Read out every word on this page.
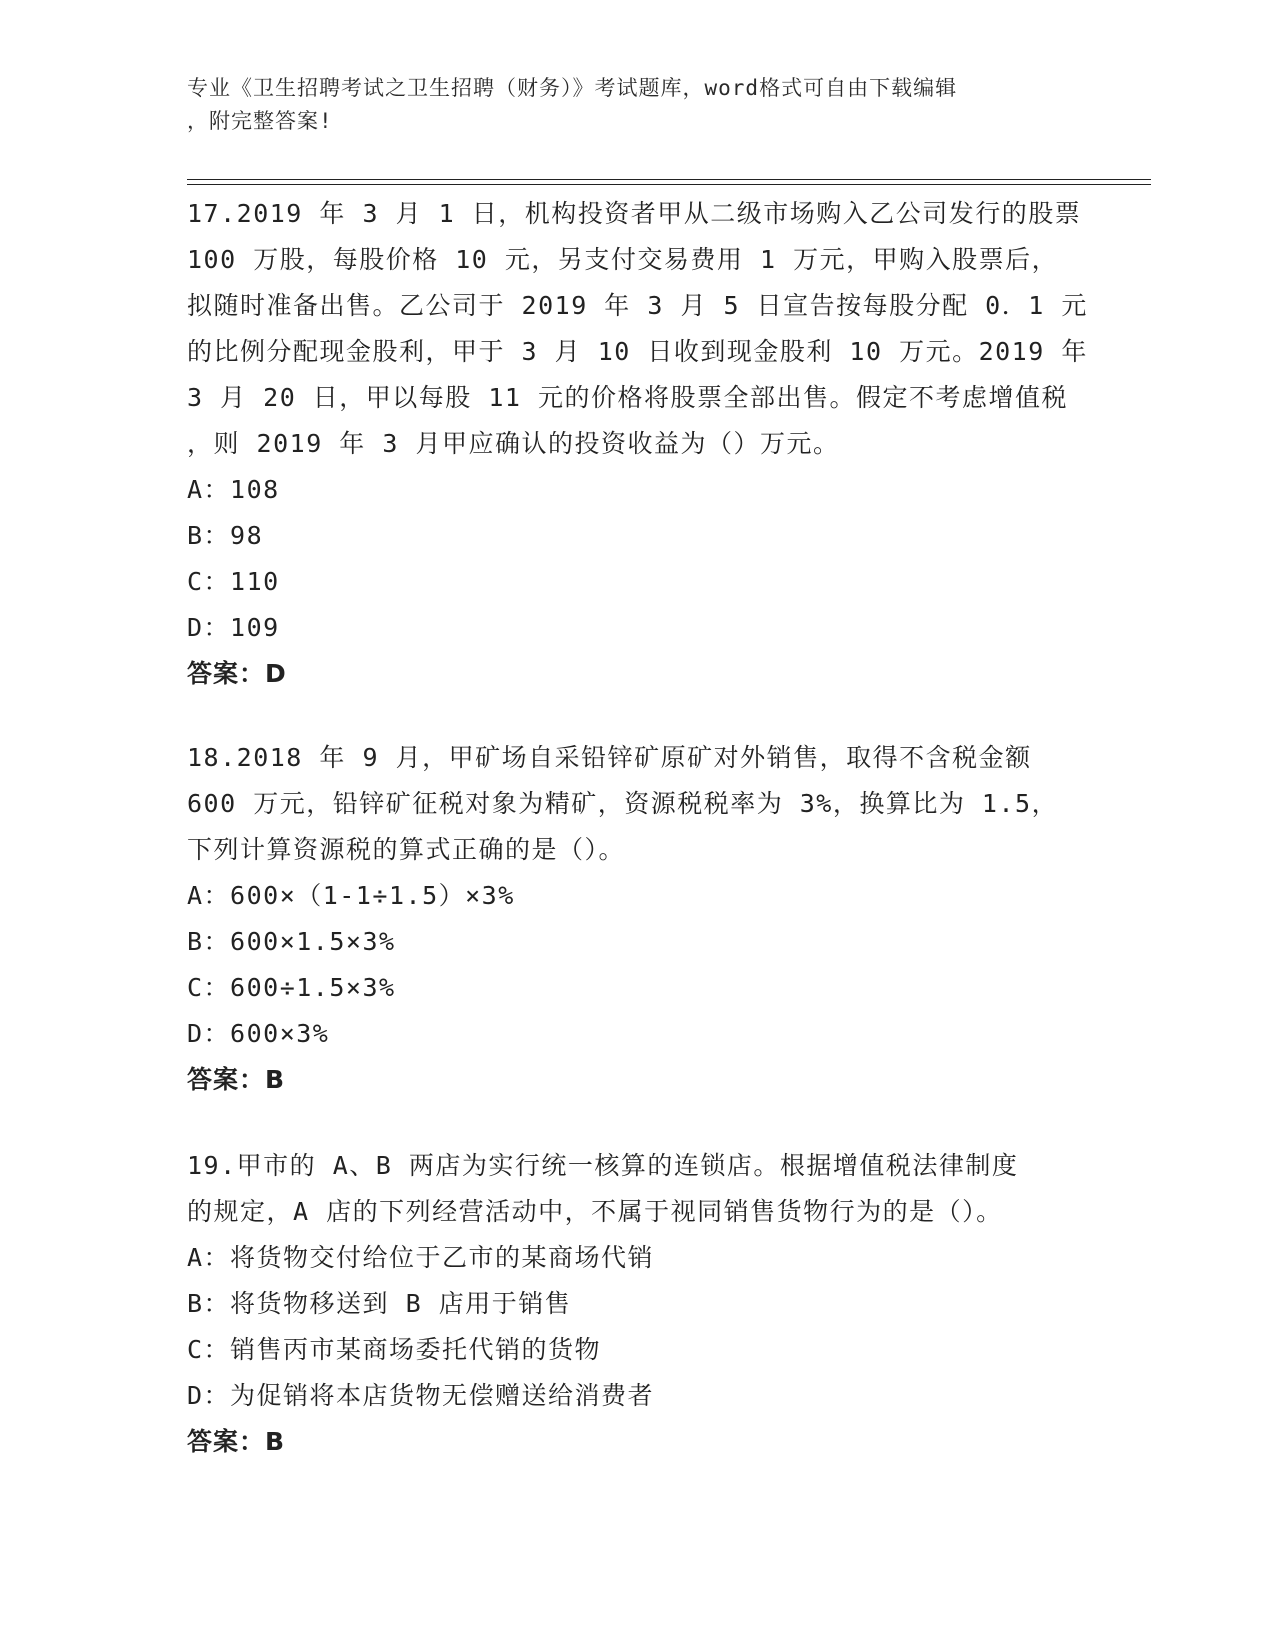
专业《卫生招聘考试之卫生招聘（财务）》考试题库，word格式可自由下载编辑
，附完整答案!
17.2019 年 3 月 1 日，机构投资者甲从二级市场购入乙公司发行的股票
100 万股，每股价格 10 元，另支付交易费用 1 万元，甲购入股票后，
拟随时准备出售。乙公司于 2019 年 3 月 5 日宣告按每股分配 0．1 元
的比例分配现金股利，甲于 3 月 10 日收到现金股利 10 万元。2019 年
3 月 20 日，甲以每股 11 元的价格将股票全部出售。假定不考虑增值税
，则 2019 年 3 月甲应确认的投资收益为（）万元。
A：108
B：98
C：110
D：109
答案：D
18.2018 年 9 月，甲矿场自采铅锌矿原矿对外销售，取得不含税金额
600 万元，铅锌矿征税对象为精矿，资源税税率为 3%，换算比为 1.5，
下列计算资源税的算式正确的是（）。
A：600×（1-1÷1.5）×3%
B：600×1.5×3%
C：600÷1.5×3%
D：600×3%
答案：B
19.甲市的 A、B 两店为实行统一核算的连锁店。根据增值税法律制度
的规定，A 店的下列经营活动中，不属于视同销售货物行为的是（）。
A：将货物交付给位于乙市的某商场代销
B：将货物移送到 B 店用于销售
C：销售丙市某商场委托代销的货物
D：为促销将本店货物无偿赠送给消费者
答案：B
